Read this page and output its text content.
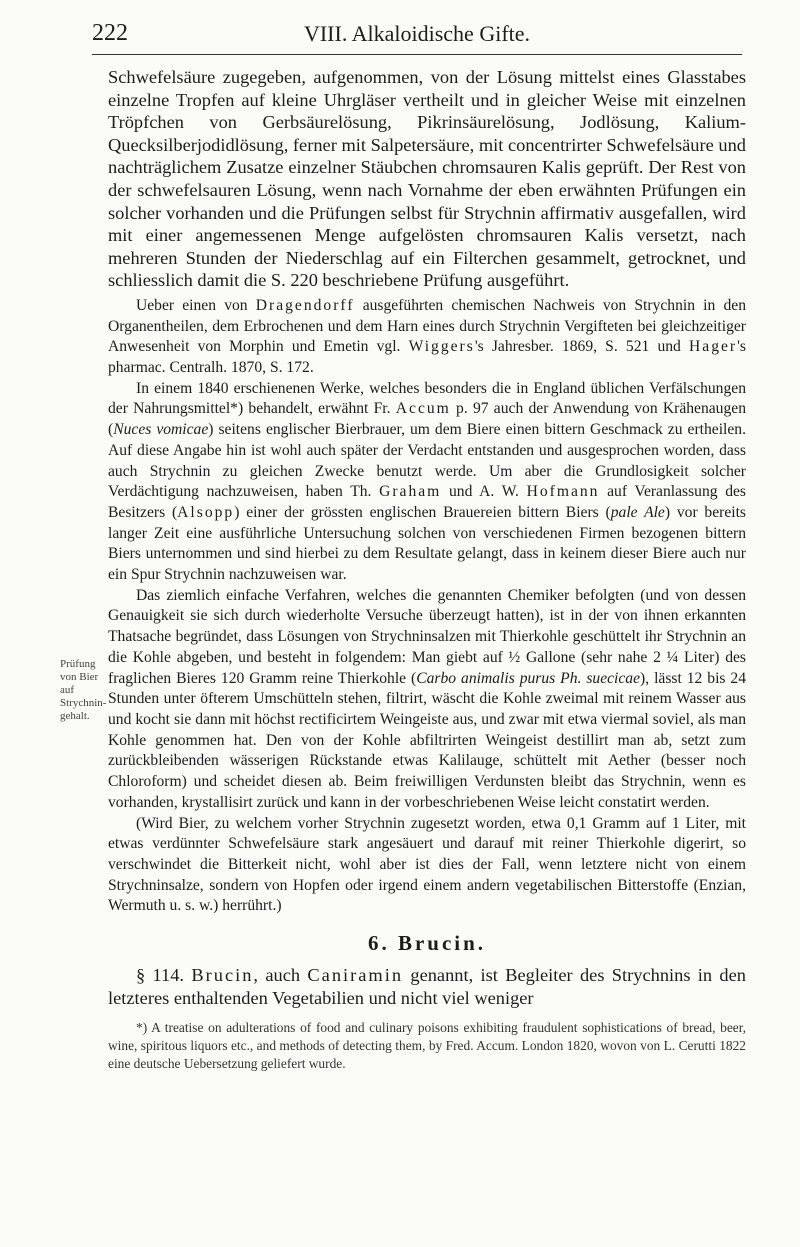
222	VIII. Alkaloidische Gifte.

Schwefelsäure zugegeben, aufgenommen, von der Lösung mittelst eines Glasstabes einzelne Tropfen auf kleine Uhrgläser vertheilt und in gleicher Weise mit einzelnen Tröpfchen von Gerbsäurelösung, Pikrinsäurelösung, Jodlösung, Kalium-Quecksilberjodidlösung, ferner mit Salpetersäure, mit concentrirter Schwefelsäure und nachträglichem Zusatze einzelner Stäubchen chromsauren Kalis geprüft. Der Rest von der schwefelsauren Lösung, wenn nach Vornahme der eben erwähnten Prüfungen ein solcher vorhanden und die Prüfungen selbst für Strychnin affirmativ ausgefallen, wird mit einer angemessenen Menge aufgelösten chromsauren Kalis versetzt, nach mehreren Stunden der Niederschlag auf ein Filterchen gesammelt, getrocknet, und schliesslich damit die S. 220 beschriebene Prüfung ausgeführt.

Ueber einen von Dragendorff ausgeführten chemischen Nachweis von Strychnin in den Organentheilen, dem Erbrochenen und dem Harn eines durch Strychnin Vergifteten bei gleichzeitiger Anwesenheit von Morphin und Emetin vgl. Wiggers's Jahresber. 1869, S. 521 und Hager's pharmac. Centralh. 1870, S. 172.

In einem 1840 erschienenen Werke, welches besonders die in England üblichen Verfälschungen der Nahrungsmittel*) behandelt, erwähnt Fr. Accum p. 97 auch der Anwendung von Krähenaugen (Nuces vomicae) seitens englischer Bierbrauer, um dem Biere einen bittern Geschmack zu ertheilen. Auf diese Angabe hin ist wohl auch später der Verdacht entstanden und ausgesprochen worden, dass auch Strychnin zu gleichen Zwecke benutzt werde. Um aber die Grundlosigkeit solcher Verdächtigung nachzuweisen, haben Th. Graham und A. W. Hofmann auf Veranlassung des Besitzers (Alsopp) einer der grössten englischen Brauereien bittern Biers (pale Ale) vor bereits langer Zeit eine ausführliche Untersuchung solchen von verschiedenen Firmen bezogenen bittern Biers unternommen und sind hierbei zu dem Resultate gelangt, dass in keinem dieser Biere auch nur ein Spur Strychnin nachzuweisen war.

Das ziemlich einfache Verfahren, welches die genannten Chemiker befolgten (und von dessen Genauigkeit sie sich durch wiederholte Versuche überzeugt hatten), ist in der von ihnen erkannten Thatsache begründet, dass Lösungen von Strychninsalzen mit Thierkohle geschüttelt ihr Strychnin an die Kohle abgeben, und besteht in folgendem: Man giebt auf ½ Gallone (sehr nahe 2 ¼ Liter) des fraglichen Bieres 120 Gramm reine Thierkohle (Carbo animalis purus Ph. suecicae), lässt 12 bis 24 Stunden unter öfterem Umschütteln stehen, filtrirt, wäscht die Kohle zweimal mit reinem Wasser aus und kocht sie dann mit höchst rectificirtem Weingeiste aus, und zwar mit etwa viermal soviel, als man Kohle genommen hat. Den von der Kohle abfiltrirten Weingeist destillirt man ab, setzt zum zurückbleibenden wässerigen Rückstande etwas Kalilauge, schüttelt mit Aether (besser noch Chloroform) und scheidet diesen ab. Beim freiwilligen Verdunsten bleibt das Strychnin, wenn es vorhanden, krystallisirt zurück und kann in der vorbeschriebenen Weise leicht constatirt werden.

(Wird Bier, zu welchem vorher Strychnin zugesetzt worden, etwa 0,1 Gramm auf 1 Liter, mit etwas verdünnter Schwefelsäure stark angesäuert und darauf mit reiner Thierkohle digerirt, so verschwindet die Bitterkeit nicht, wohl aber ist dies der Fall, wenn letztere nicht von einem Strychninsalze, sondern von Hopfen oder irgend einem andern vegetabilischen Bitterstoffe (Enzian, Wermuth u. s. w.) herrührt.)

6. Brucin.

§ 114. Brucin, auch Caniramin genannt, ist Begleiter des Strychnins in den letzteres enthaltenden Vegetabilien und nicht viel weniger

*) A treatise on adulterations of food and culinary poisons exhibiting fraudulent sophistications of bread, beer, wine, spiritous liquors etc., and methods of detecting them, by Fred. Accum. London 1820, wovon von L. Cerutti 1822 eine deutsche Uebersetzung geliefert wurde.

Prüfung von Bier auf Strychnin-gehalt.
